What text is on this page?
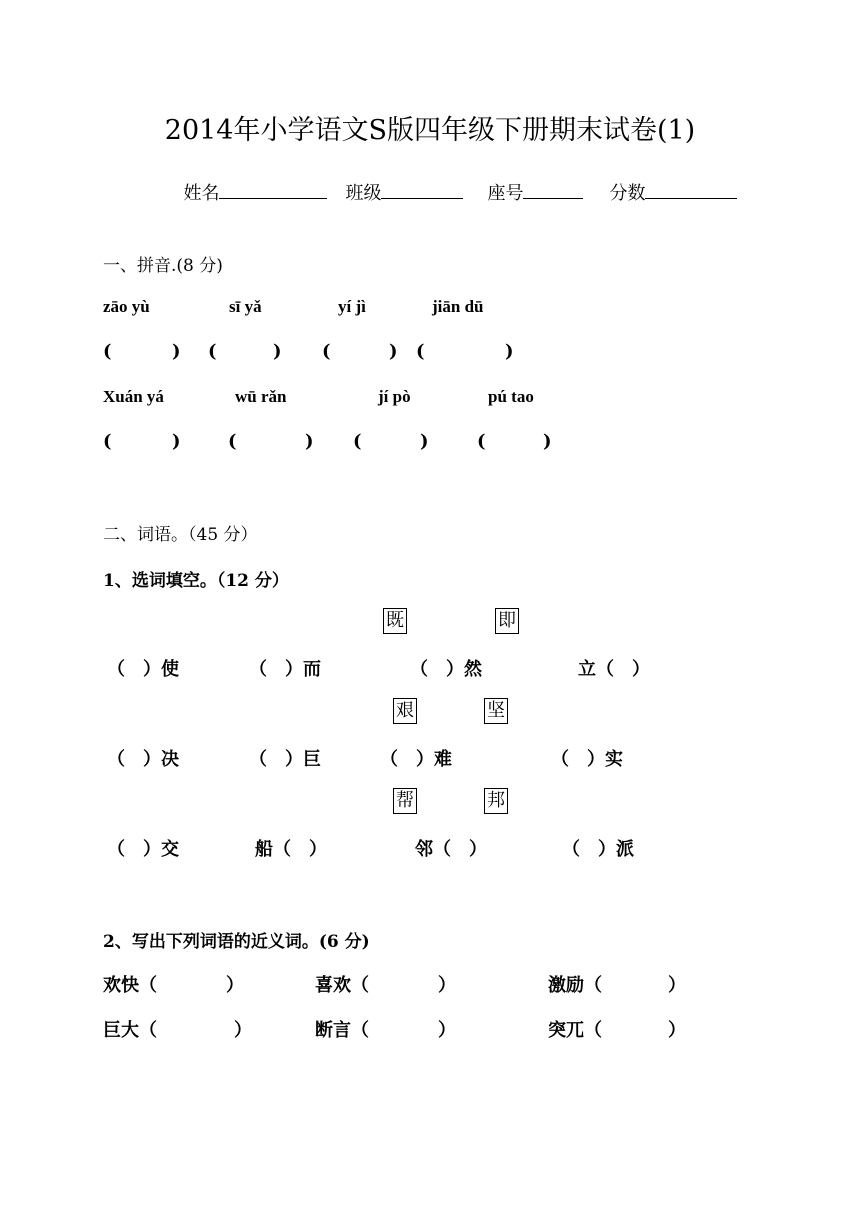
2014年小学语文S版四年级下册期末试卷(1)

姓名	班级	座号	分数

一、拼音.(8 分)
zāo yù	sī yǎ	yí jì	jiān dū
(	) (	) (	) (	)
Xuán yá	wū rǎn	jí pò	pú tao
(	)	(	) (	)	(	)
二、词语。（45 分）
1、选词填空。（12 分）
既	即
（　）使	（　）而	（　）然	立（　）
艰	坚
（　）决	（　）巨	（　）难	（　）实
帮	邦
（　）交	船（　）	邻（　）	（　）派
2、写出下列词语的近义词。(6 分)
欢快（	）	喜欢（	）	激励（	）
巨大（	）	断言（	）	突兀（	）
